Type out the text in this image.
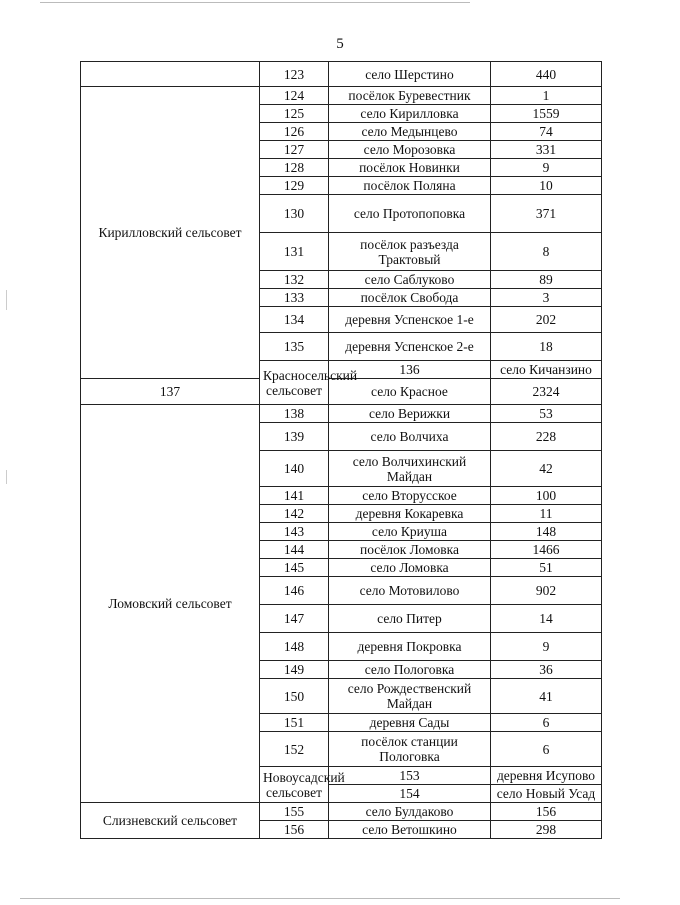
5
	123	село Шерстино	440	
Кирилловский сельсовет	124	посёлок Буревестник	1	
	125	село Кирилловка	1559	
	126	село Медынцево	74	
	127	село Морозовка	331	
	128	посёлок Новинки	9	
	129	посёлок Поляна	10	
	130	село Протопоповка	371	
	131	посёлок разъезда Трактовый	8	
	132	село Саблуково	89	
	133	посёлок Свобода	3	
	134	деревня Успенское 1-е	202	
	135	деревня Успенское 2-е	18	
	Красносельский сельсовет	136	село Кичанзино	
137		село Красное	2324	
Ломовский сельсовет	138	село Верижки	53	
	139	село Волчиха	228	
	140	село Волчихинский Майдан	42	
	141	село Вторусское	100	
	142	деревня Кокаревка	11	
	143	село Криуша	148	
	144	посёлок Ломовка	1466	
	145	село Ломовка	51	
	146	село Мотовилово	902	
	147	село Питер	14	
	148	деревня Покровка	9	
	149	село Пологовка	36	
	150	село Рождественский Майдан	41	
	151	деревня Сады	6	
	152	посёлок станции Пологовка	6	
	Новоусадский сельсовет	153	деревня Исупово	
		154	село Новый Усад	
Слизневский сельсовет	155	село Булдаково	156	
	156	село Ветошкино	298	
